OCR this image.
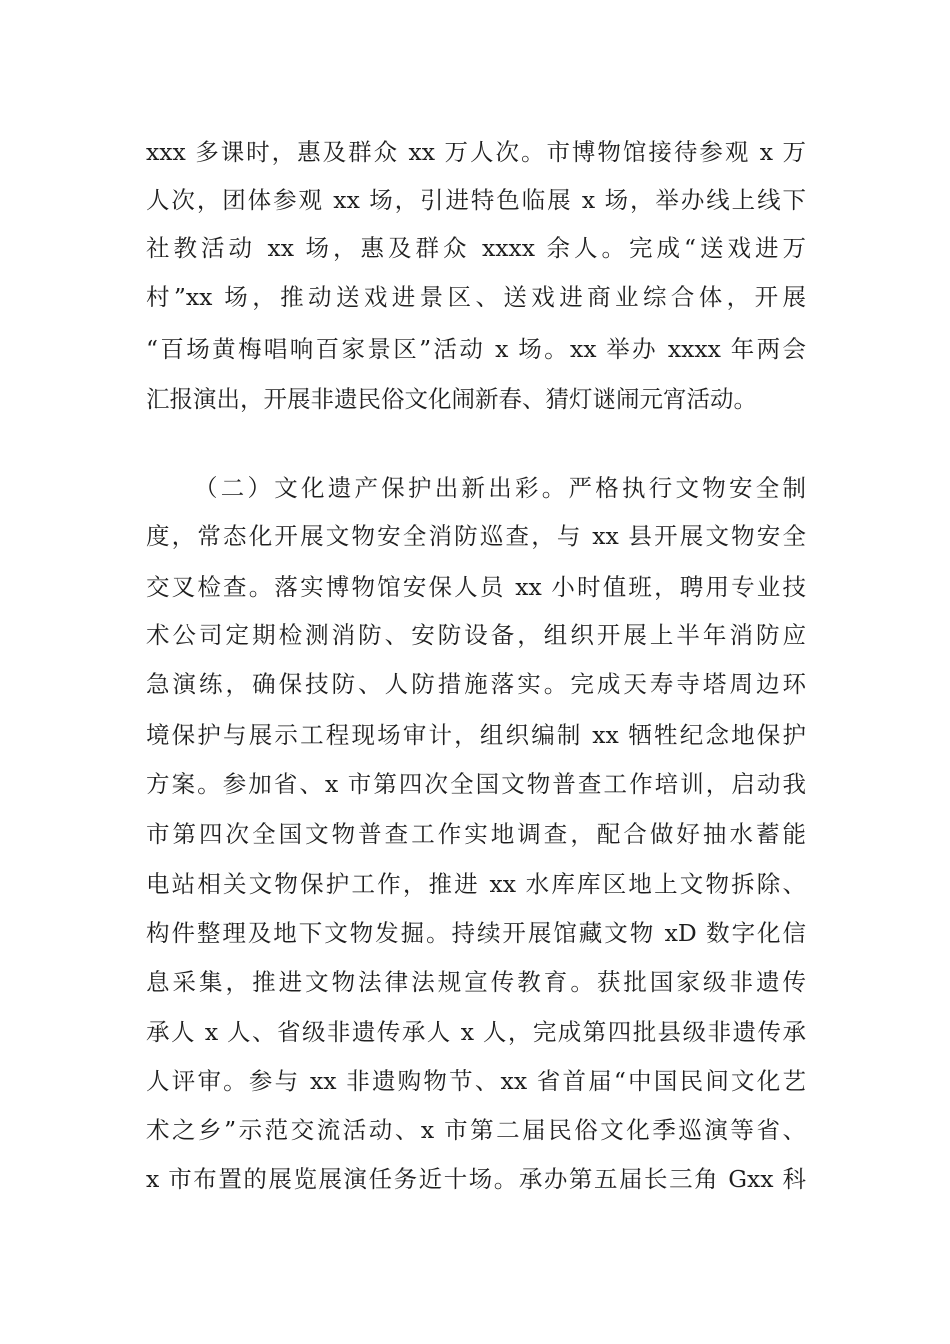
xxx 多课时，惠及群众 xx 万人次。市博物馆接待参观 x 万
人次，团体参观 xx 场，引进特色临展 x 场，举办线上线下
社教活动 xx 场，惠及群众 xxxx 余人。完成“送戏进万
村”xx 场，推动送戏进景区、送戏进商业综合体，开展
“百场黄梅唱响百家景区”活动 x 场。xx 举办 xxxx 年两会
汇报演出，开展非遗民俗文化闹新春、猜灯谜闹元宵活动。
（二）文化遗产保护出新出彩。严格执行文物安全制
度，常态化开展文物安全消防巡查，与 xx 县开展文物安全
交叉检查。落实博物馆安保人员 xx 小时值班，聘用专业技
术公司定期检测消防、安防设备，组织开展上半年消防应
急演练，确保技防、人防措施落实。完成天寿寺塔周边环
境保护与展示工程现场审计，组织编制 xx 牺牲纪念地保护
方案。参加省、x 市第四次全国文物普查工作培训，启动我
市第四次全国文物普查工作实地调查，配合做好抽水蓄能
电站相关文物保护工作，推进 xx 水库库区地上文物拆除、
构件整理及地下文物发掘。持续开展馆藏文物 xD 数字化信
息采集，推进文物法律法规宣传教育。获批国家级非遗传
承人 x 人、省级非遗传承人 x 人，完成第四批县级非遗传承
人评审。参与 xx 非遗购物节、xx 省首届“中国民间文化艺
术之乡”示范交流活动、x 市第二届民俗文化季巡演等省、
x 市布置的展览展演任务近十场。承办第五届长三角 Gxx 科
